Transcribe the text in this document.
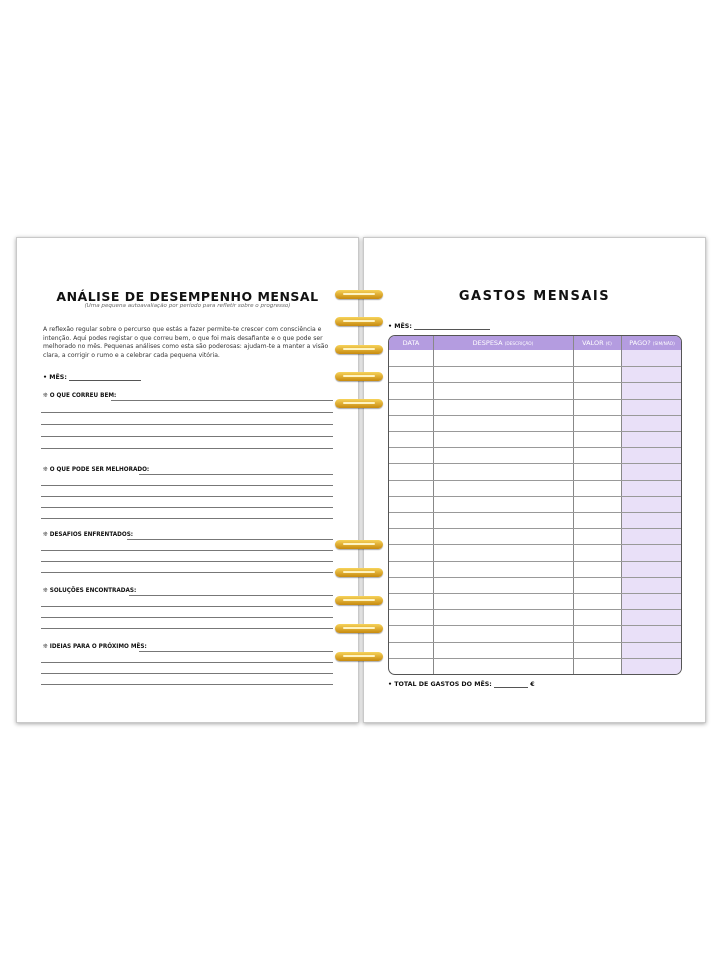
ANÁLISE DE DESEMPENHO MENSAL
(Uma pequena autoavaliação por período para refletir sobre o progresso)
A reflexão regular sobre o percurso que estás a fazer permite-te crescer com consciência e intenção. Aqui podes registar o que correu bem, o que foi mais desafiante e o que pode ser melhorado no mês. Pequenas análises como esta são poderosas: ajudam-te a manter a visão clara, a corrigir o rumo e a celebrar cada pequena vitória.
• MÊS:
❊ O QUE CORREU BEM:
❊ O QUE PODE SER MELHORADO:
❊ DESAFIOS ENFRENTADOS:
❊ SOLUÇÕES ENCONTRADAS:
❊ IDEIAS PARA O PRÓXIMO MÊS:
GASTOS MENSAIS
• MÊS:
DATA	DESPESA (DESCRIÇÃO)	VALOR (€)	PAGO? (SIM/NÃO)
• TOTAL DE GASTOS DO MÊS:	€
